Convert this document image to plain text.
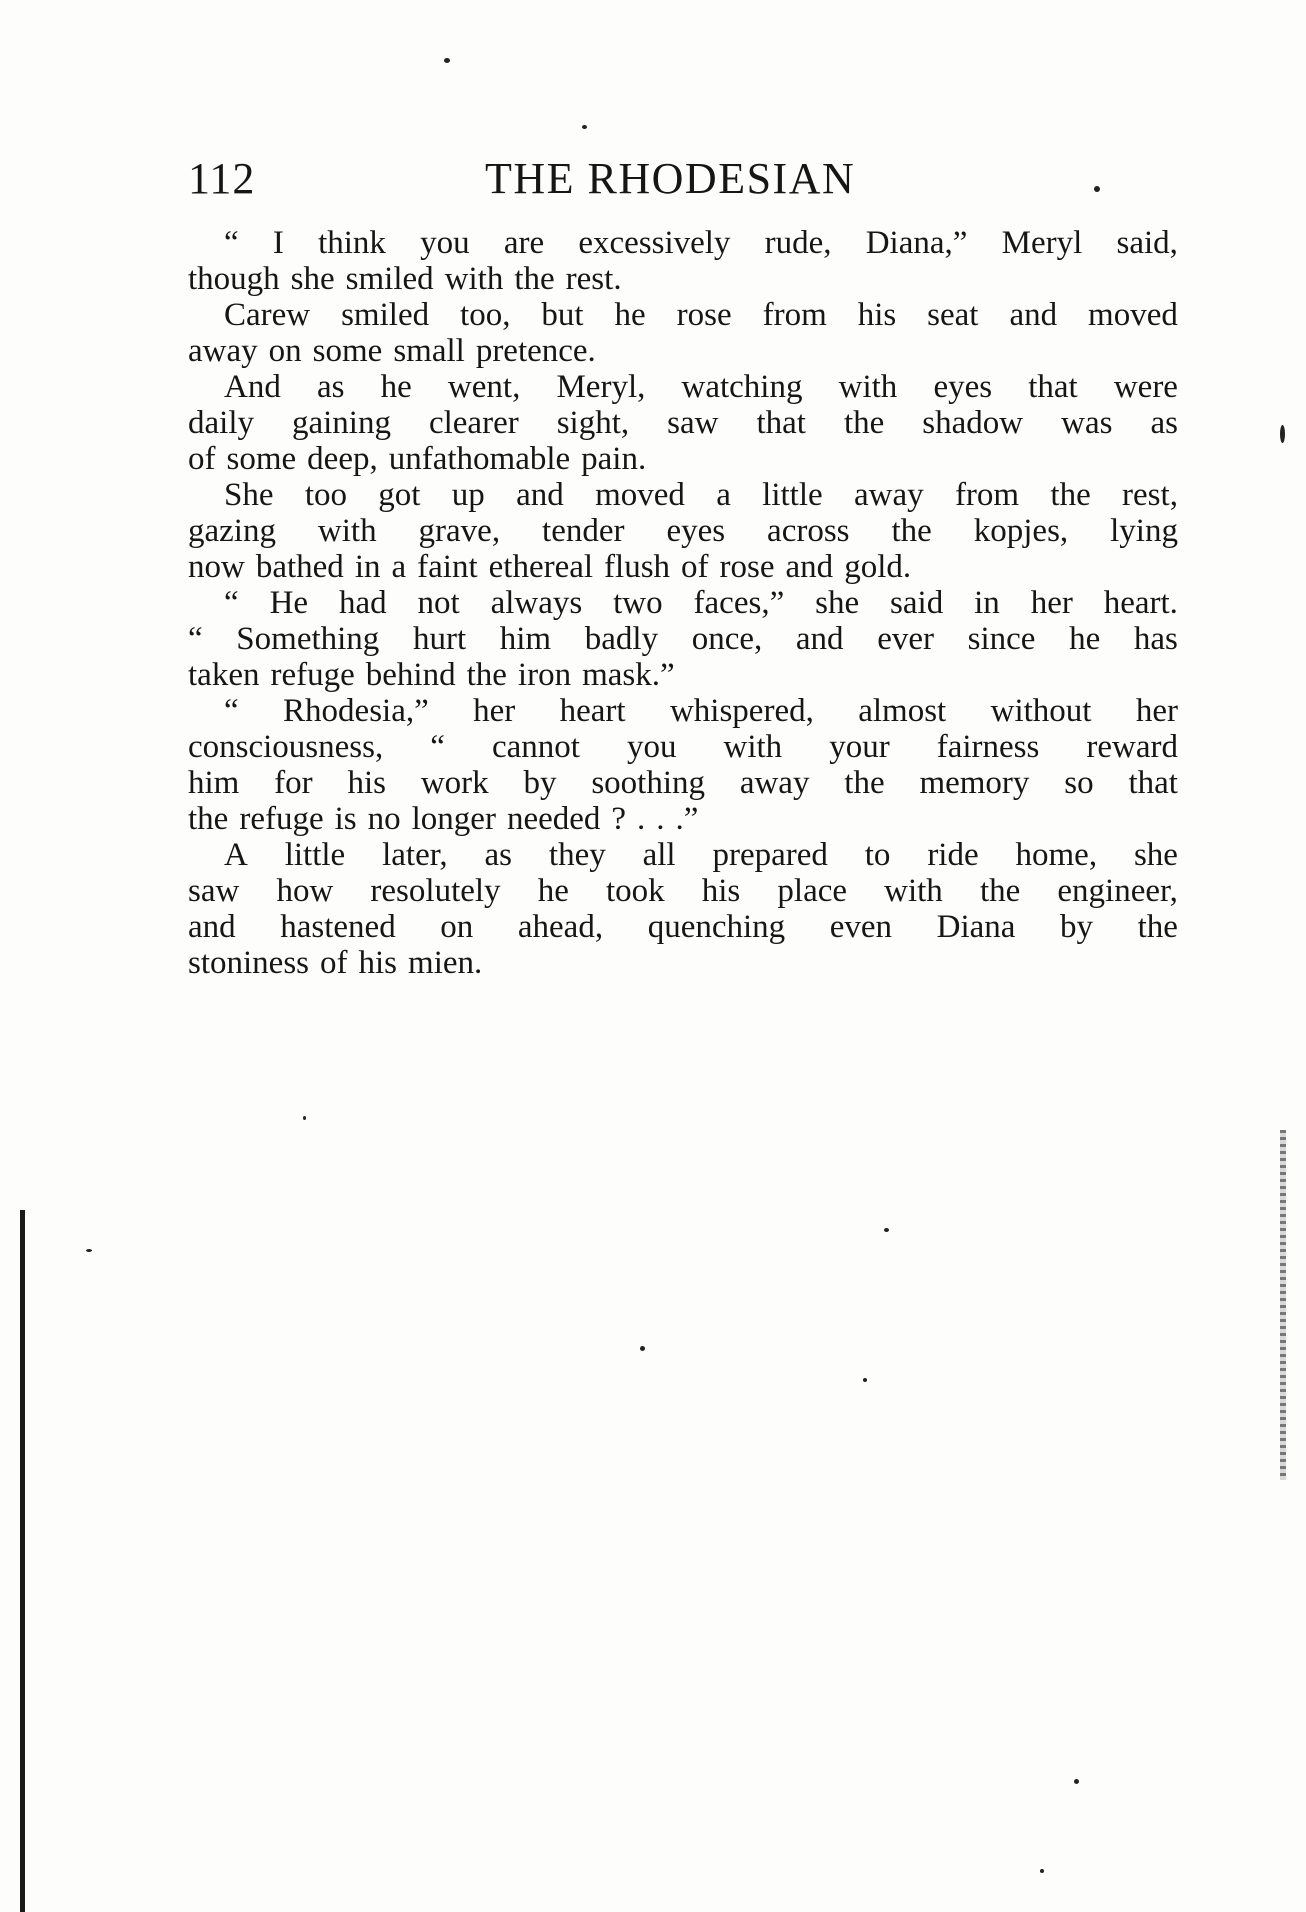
112	THE RHODESIAN
“ I think you are excessively rude, Diana,” Meryl said,
though she smiled with the rest.
Carew smiled too, but he rose from his seat and moved
away on some small pretence.
And as he went, Meryl, watching with eyes that were
daily gaining clearer sight, saw that the shadow was as
of some deep, unfathomable pain.
She too got up and moved a little away from the rest,
gazing with grave, tender eyes across the kopjes, lying
now bathed in a faint ethereal flush of rose and gold.
“ He had not always two faces,” she said in her heart.
“ Something hurt him badly once, and ever since he has
taken refuge behind the iron mask.”
“ Rhodesia,” her heart whispered, almost without her
consciousness, “ cannot you with your fairness reward
him for his work by soothing away the memory so that
the refuge is no longer needed ? . . .”
A little later, as they all prepared to ride home, she
saw how resolutely he took his place with the engineer,
and hastened on ahead, quenching even Diana by the
stoniness of his mien.
